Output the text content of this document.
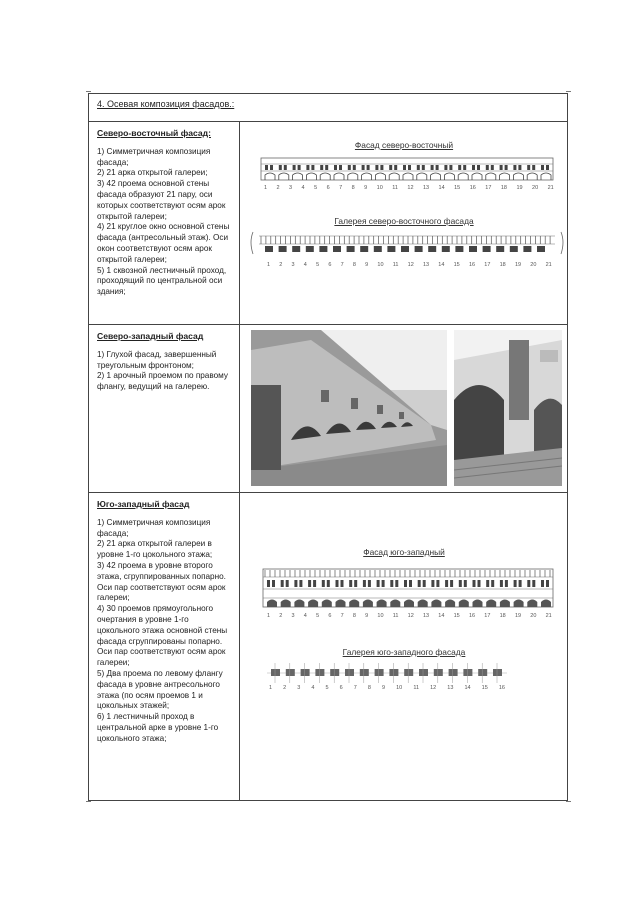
4. Осевая композиция фасадов.:
Северо-восточный фасад:
1) Симметричная композиция фасада;
2) 21 арка открытой галереи;
3) 42 проема основной стены фасада образуют 21 пару, оси которых соответствуют осям арок открытой галереи;
4) 21 круглое окно основной стены фасада (антресольный этаж). Оси окон соответствуют осям арок открытой галереи;
5) 1 сквозной лестничный проход, проходящий по центральной оси здания;
Фасад северо-восточный
1 2 3 4 5 6 7 8 9 10 11 12 13 14 15 16 17 18 19 20 21
Галерея северо-восточного фасада
1 2 3 4 5 6 7 8 9 10 11 12 13 14 15 16 17 18 19 20 21
Северо-западный фасад
1) Глухой фасад, завершенный треугольным фронтоном;
2) 1 арочный проемом по правому флангу, ведущий на галерею.
Юго-западный фасад
1) Симметричная композиция фасада;
2) 21 арка открытой галереи в уровне 1-го цокольного этажа;
3) 42 проема в уровне второго этажа, сгруппированных попарно. Оси пар соответствуют осям арок галереи;
4) 30 проемов прямоугольного очертания в уровне 1-го цокольного этажа основной стены фасада сгруппированы попарно. Оси пар соответствуют осям арок галереи;
5) Два проема по левому флангу фасада в уровне антресольного этажа (по осям проемов 1 и цокольных этажей;
6) 1 лестничный проход в центральной арке в уровне 1-го цокольного этажа;
Фасад юго-западный
1 2 3 4 5 6 7 8 9 10 11 12 13 14 15 16 17 18 19 20 21
Галерея юго-западного фасада
1 2 3 4 5 6 7 8 9 10 11 12 13 14 15 16
